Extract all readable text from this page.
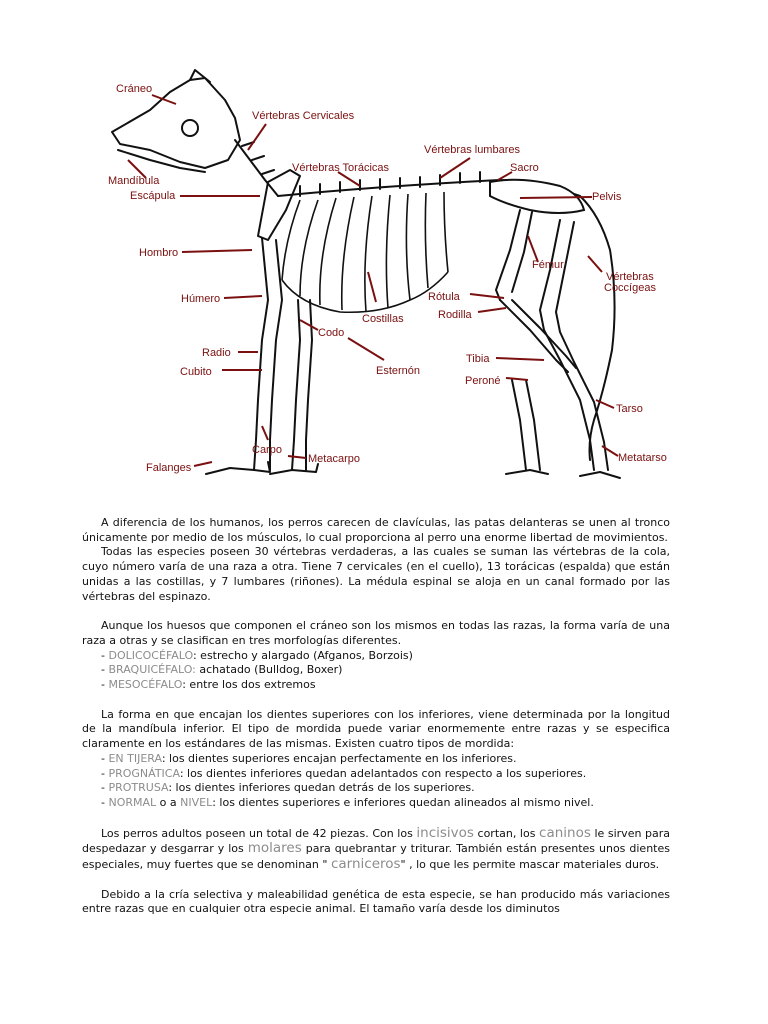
Cráneo
Vértebras Cervicales
Vértebras lumbares
Vértebras Torácicas	Sacro
Mandíbula
Escápula	Pelvis
Hombro
Fémur
Vértebras
Coccígeas
Húmero	Rótula
Rodilla
Costillas
Codo
Radio
Esternón
Tibia
Cubito
Peroné
Tarso
Carpo
Metacarpo
Falanges
Metatarso

A diferencia de los humanos, los perros carecen de clavículas, las patas delanteras se unen al tronco únicamente por medio de los músculos, lo cual proporciona al perro una enorme libertad de movimientos.

Todas las especies poseen 30 vértebras verdaderas, a las cuales se suman las vértebras de la cola, cuyo número varía de una raza a otra. Tiene 7 cervicales (en el cuello), 13 torácicas (espalda) que están unidas a las costillas, y 7 lumbares (riñones). La médula espinal se aloja en un canal formado por las vértebras del espinazo.

Aunque los huesos que componen el cráneo son los mismos en todas las razas, la forma varía de una raza a otras y se clasifican en tres morfologías diferentes.

- DOLICOCÉFALO: estrecho y alargado (Afganos, Borzois)

- BRAQUICÉFALO: achatado (Bulldog, Boxer)

- MESOCÉFALO: entre los dos extremos

La forma en que encajan los dientes superiores con los inferiores, viene determinada por la longitud de la mandíbula inferior. El tipo de mordida puede variar enormemente entre razas y se especifica claramente en los estándares de las mismas. Existen cuatro tipos de mordida:

- EN TIJERA: los dientes superiores encajan perfectamente en los inferiores.

- PROGNÁTICA: los dientes inferiores quedan adelantados con respecto a los superiores.

- PROTRUSA: los dientes inferiores quedan detrás de los superiores.

- NORMAL o a NIVEL: los dientes superiores e inferiores quedan alineados al mismo nivel.

Los perros adultos poseen un total de 42 piezas. Con los incisivos cortan, los caninos le sirven para despedazar y desgarrar y los molares para quebrantar y triturar. También están presentes unos dientes especiales, muy fuertes que se denominan " carniceros" , lo que les permite mascar materiales duros.

Debido a la cría selectiva y maleabilidad genética de esta especie, se han producido más variaciones entre razas que en cualquier otra especie animal. El tamaño varía desde los diminutos
